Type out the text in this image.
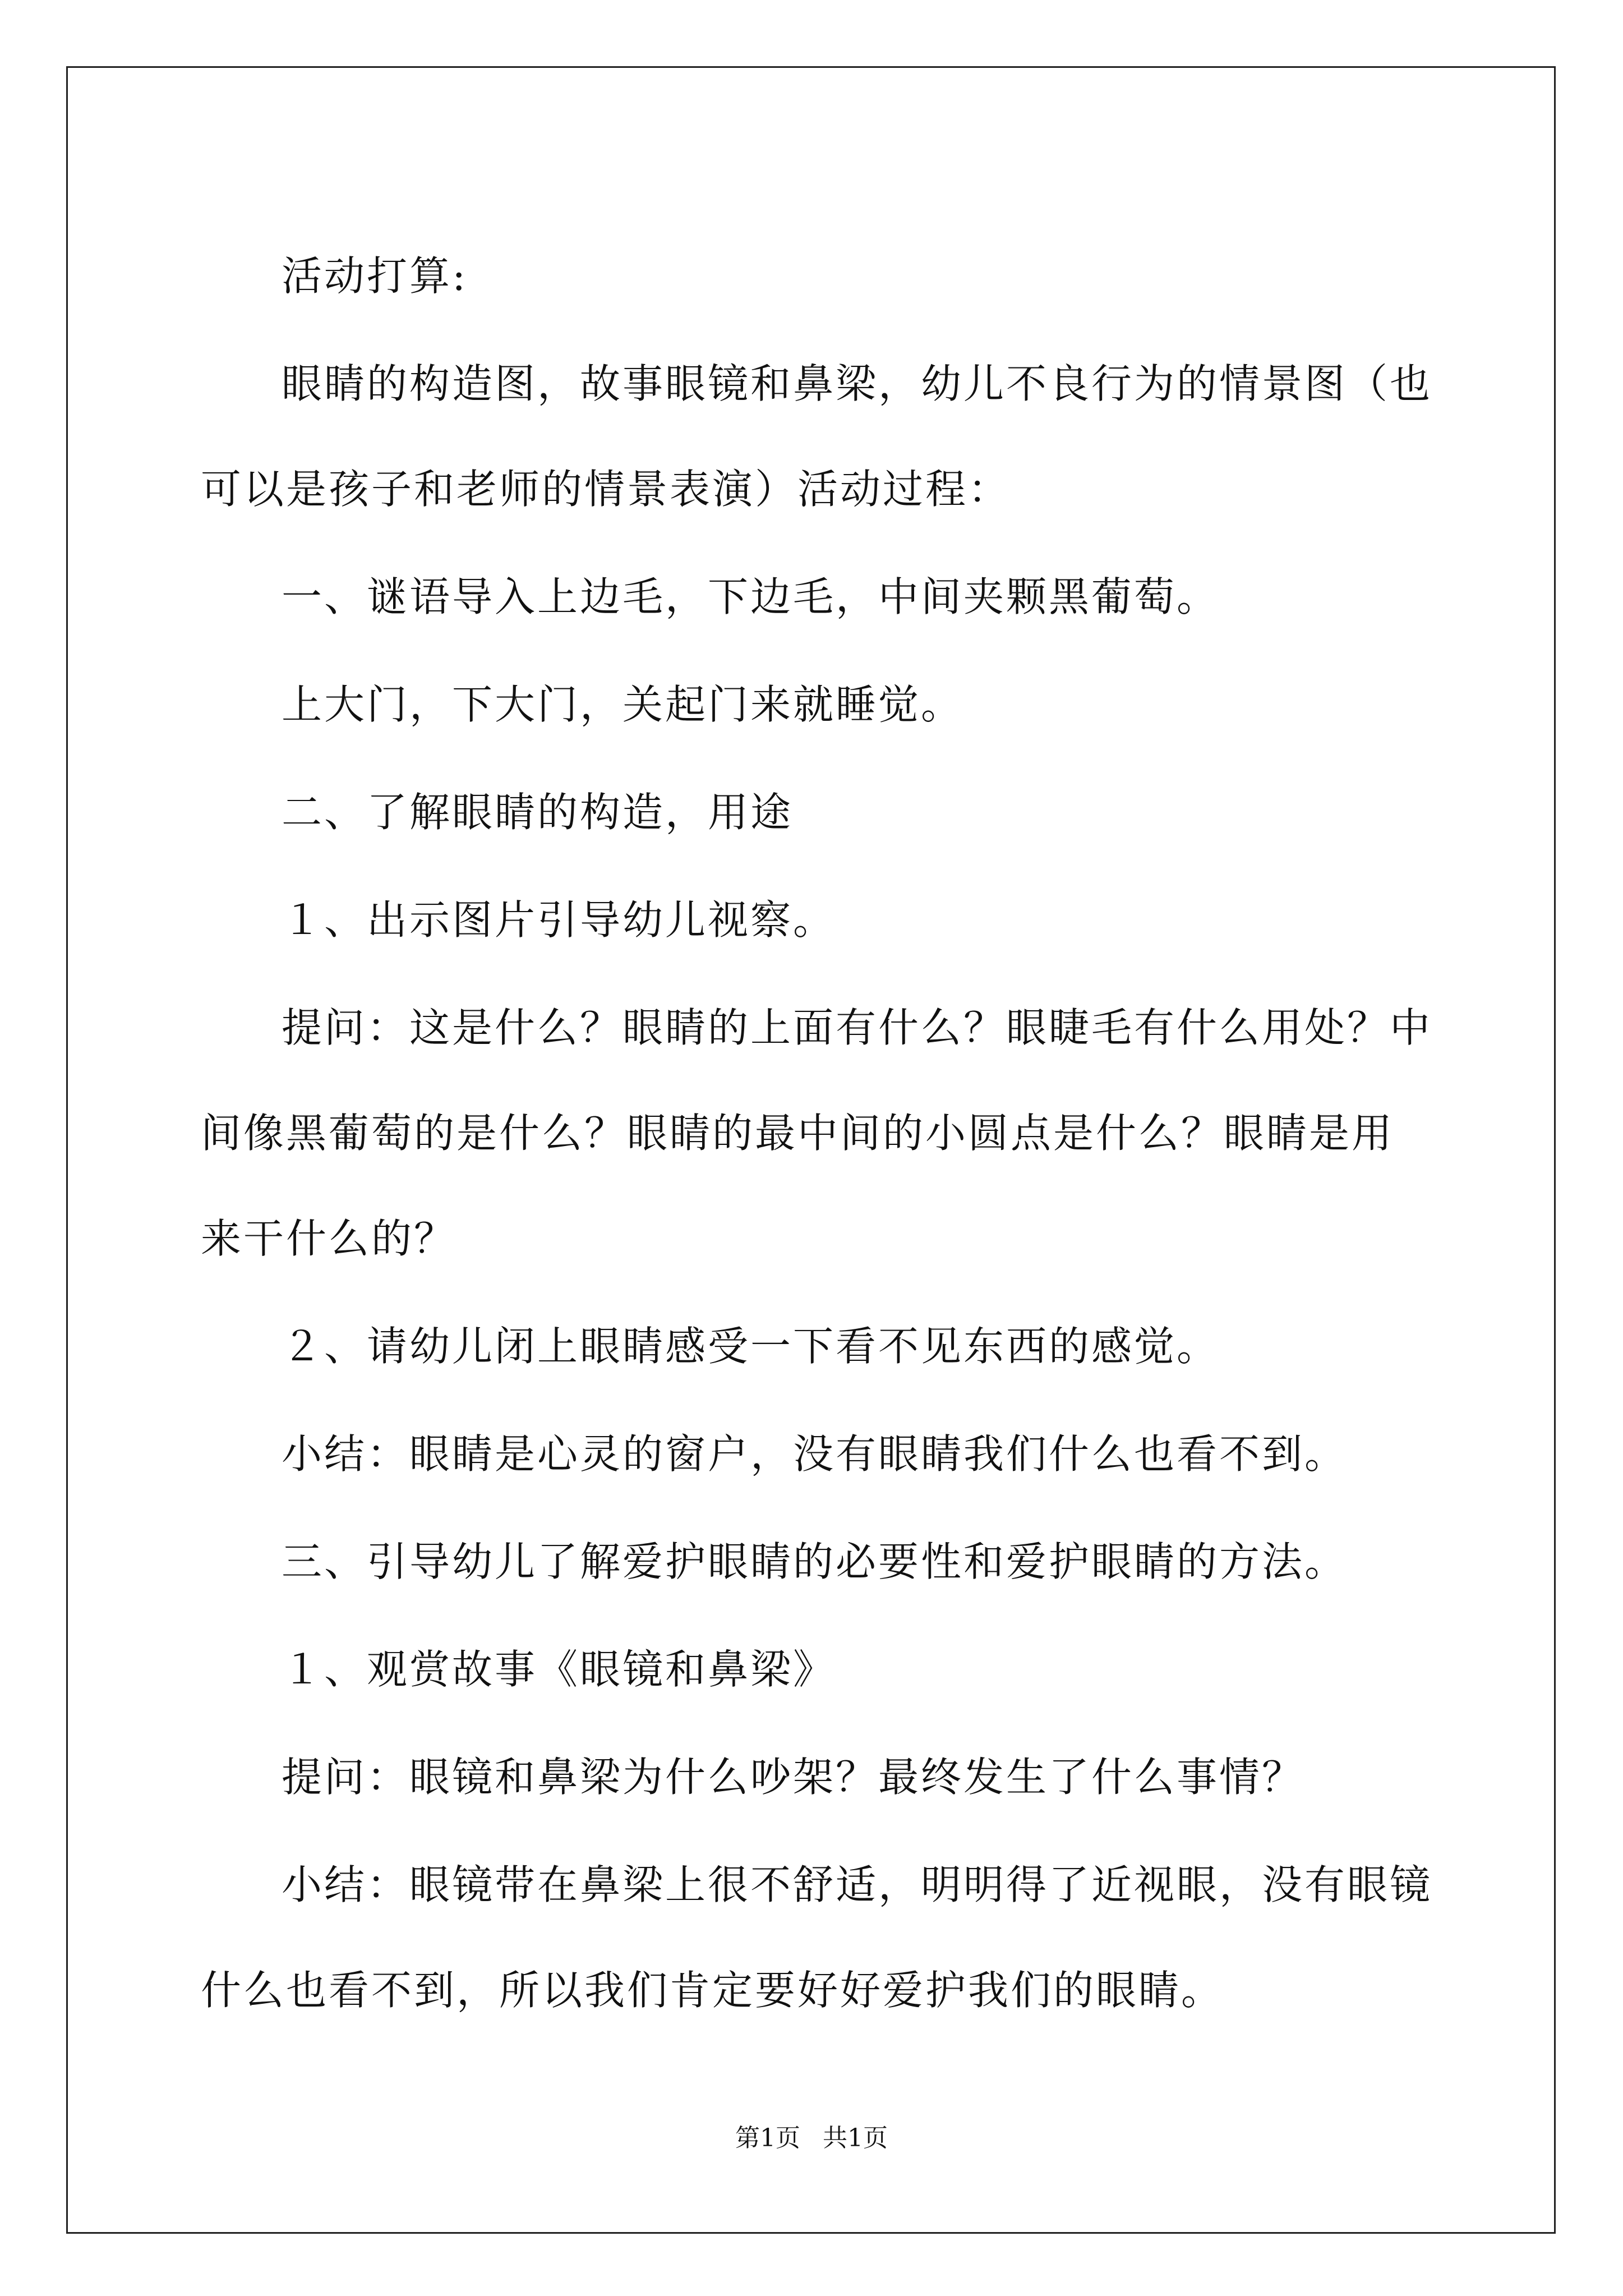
活动打算:

眼睛的构造图，故事眼镜和鼻梁，幼儿不良行为的情景图（也可以是孩子和老师的情景表演）活动过程：

一、谜语导入上边毛，下边毛，中间夹颗黑葡萄。

上大门，下大门，关起门来就睡觉。

二、了解眼睛的构造，用途

１、出示图片引导幼儿视察。

提问：这是什么？眼睛的上面有什么？眼睫毛有什么用处？中间像黑葡萄的是什么？眼睛的最中间的小圆点是什么？眼睛是用来干什么的？

２、请幼儿闭上眼睛感受一下看不见东西的感觉。

小结：眼睛是心灵的窗户，没有眼睛我们什么也看不到。

三、引导幼儿了解爱护眼睛的必要性和爱护眼睛的方法。

１、观赏故事《眼镜和鼻梁》

提问：眼镜和鼻梁为什么吵架？最终发生了什么事情？

小结：眼镜带在鼻梁上很不舒适，明明得了近视眼，没有眼镜什么也看不到，所以我们肯定要好好爱护我们的眼睛。

第1页 共1页
